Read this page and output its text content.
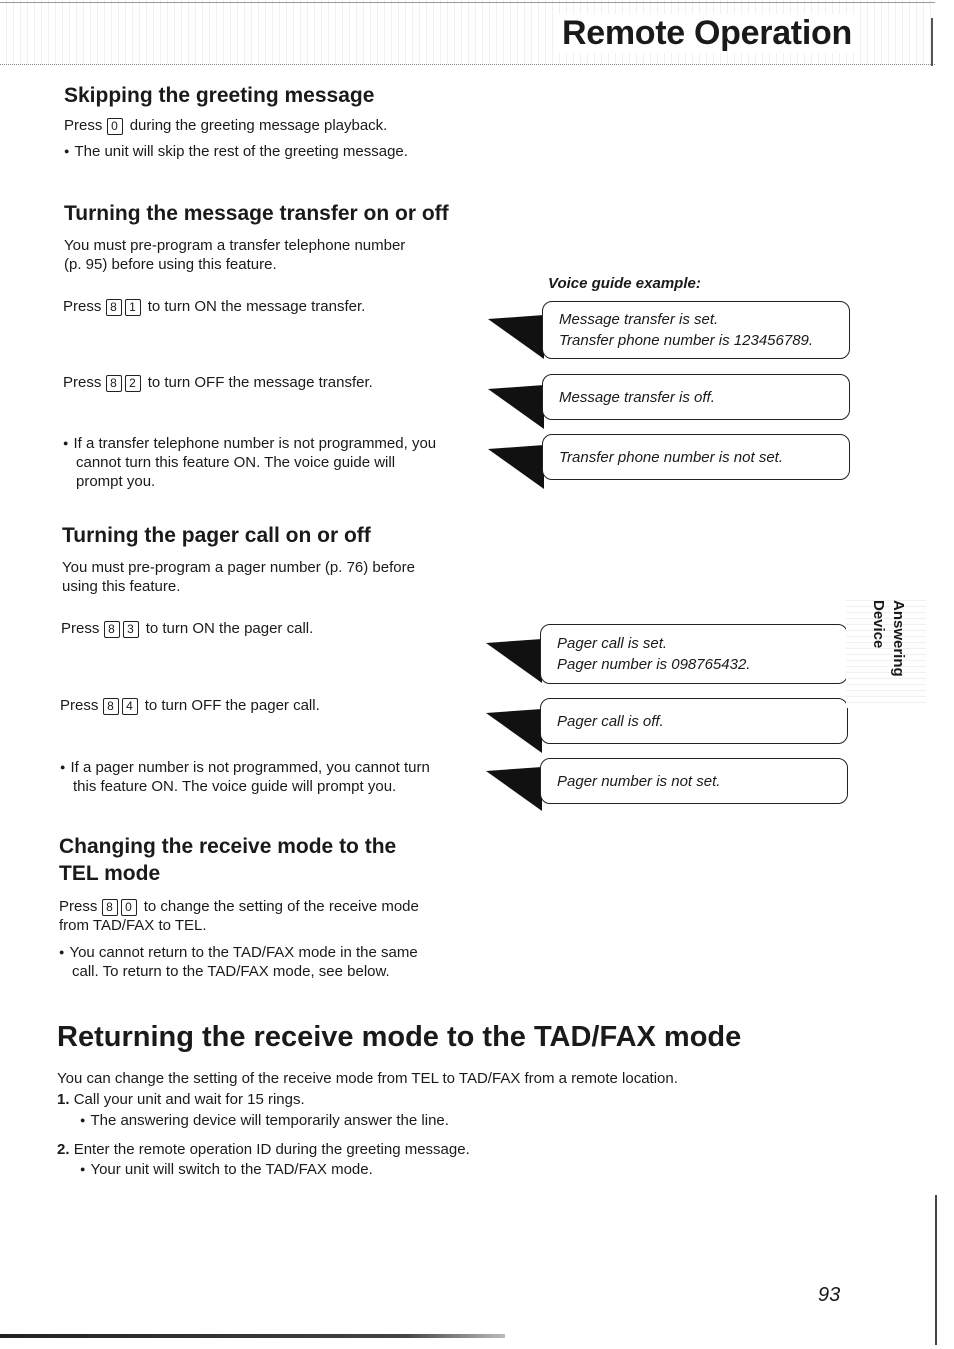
Remote Operation
Skipping the greeting message
Press 0 during the greeting message playback.
● The unit will skip the rest of the greeting message.
Turning the message transfer on or off
You must pre-program a transfer telephone number
(p. 95) before using this feature.
Voice guide example:
Press 8 1 to turn ON the message transfer.
Message transfer is set.
Transfer phone number is 123456789.
Press 8 2 to turn OFF the message transfer.
Message transfer is off.
● If a transfer telephone number is not programmed, you
cannot turn this feature ON. The voice guide will
prompt you.
Transfer phone number is not set.
Turning the pager call on or off
You must pre-program a pager number (p. 76) before
using this feature.
Press 8 3 to turn ON the pager call.
Pager call is set.
Pager number is 098765432.
Press 8 4 to turn OFF the pager call.
Pager call is off.
● If a pager number is not programmed, you cannot turn
this feature ON. The voice guide will prompt you.	Pager number is not set.
Changing the receive mode to the
TEL mode
Press 8 0 to change the setting of the receive mode
from TAD/FAX to TEL.
● You cannot return to the TAD/FAX mode in the same
call. To return to the TAD/FAX mode, see below.
Returning the receive mode to the TAD/FAX mode
You can change the setting of the receive mode from TEL to TAD/FAX from a remote location.
1. Call your unit and wait for 15 rings.
● The answering device will temporarily answer the line.
2. Enter the remote operation ID during the greeting message.
● Your unit will switch to the TAD/FAX mode.
Answering
Device
93
